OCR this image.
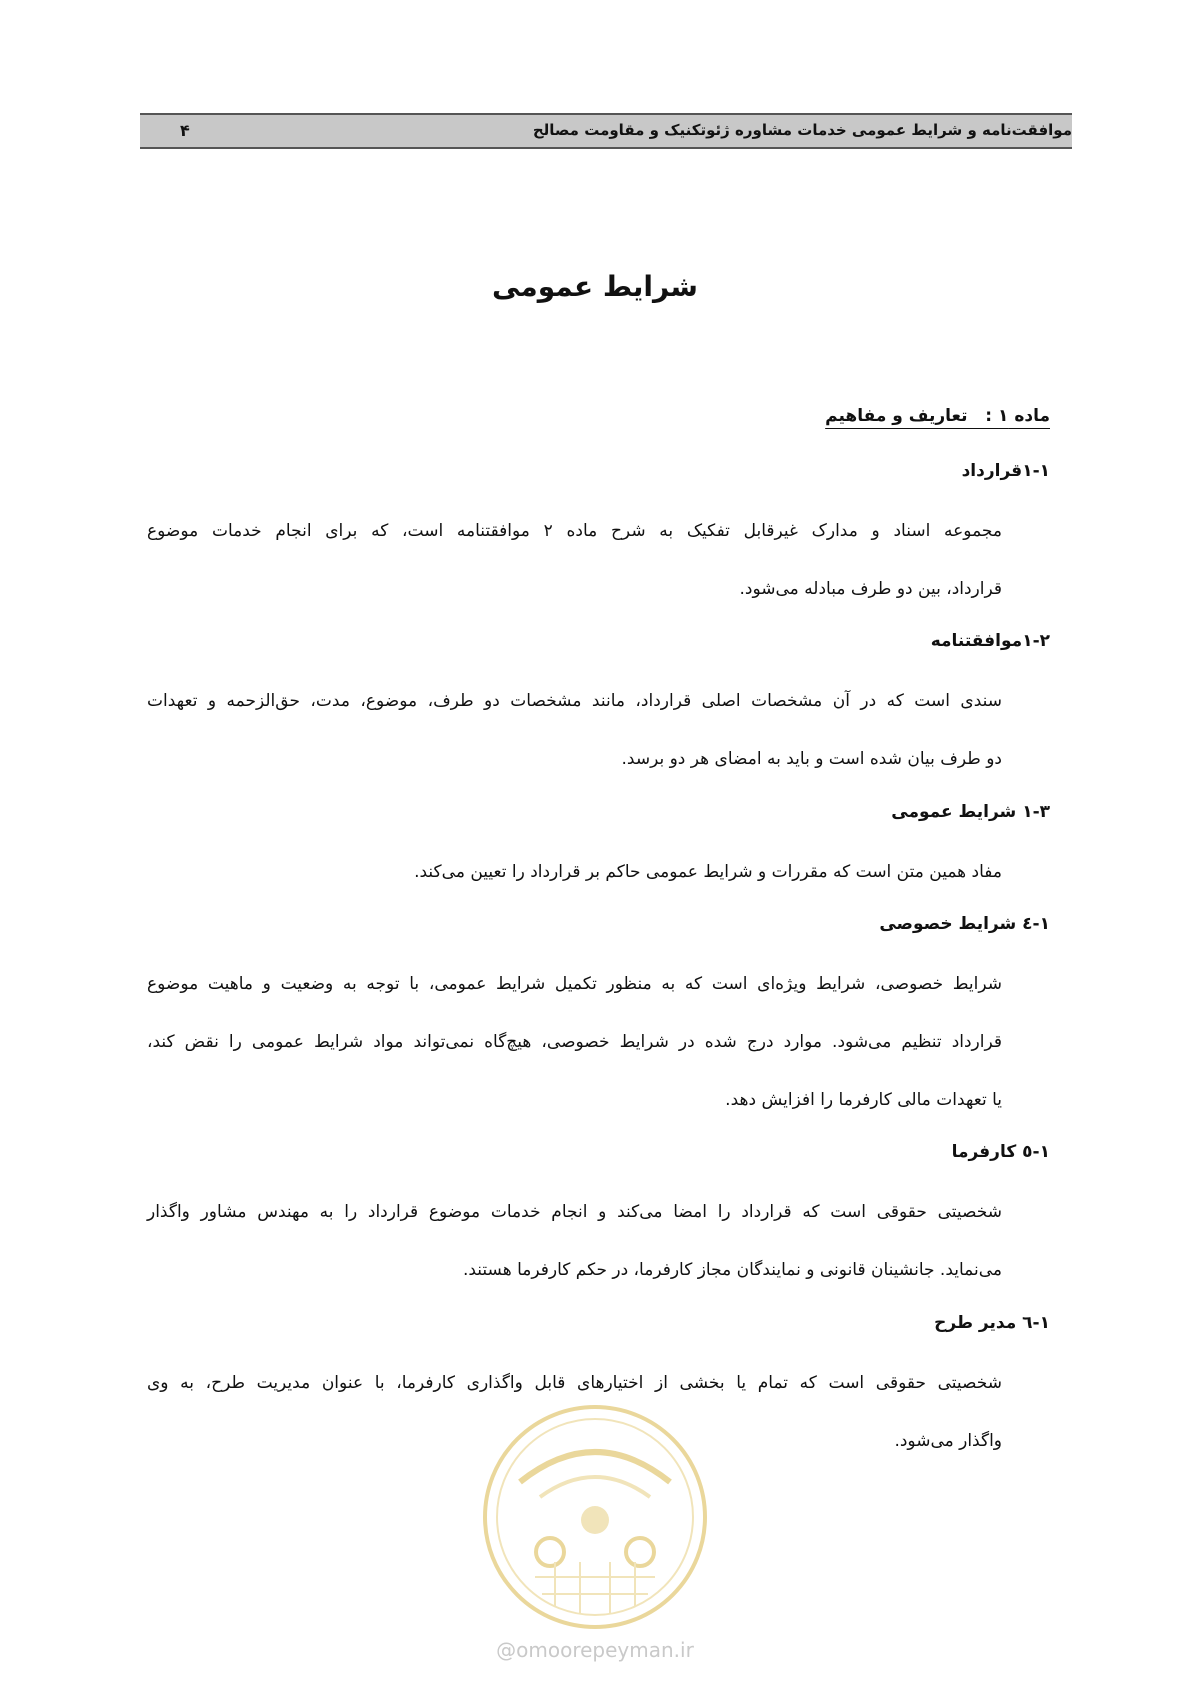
موافقت‌نامه و شرایط عمومی خدمات مشاوره ژئوتکنیک و مقاومت مصالح
۴
شرایط عمومی
ماده ۱ :   تعاریف و مفاهیم
۱-۱قرارداد
مجموعه اسناد و مدارک غیرقابل تفکیک به شرح ماده ۲ موافقتنامه است، که برای انجام خدمات موضوع
قرارداد، بین دو طرف مبادله می‌شود.
۱-۲موافقتنامه
سندی است که در آن مشخصات اصلی قرارداد، مانند مشخصات دو طرف، موضوع، مدت، حق‌الزحمه و تعهدات
دو طرف بیان شده است و باید به امضای هر دو برسد.
۱-۳ شرایط عمومی
مفاد همین متن است که مقررات و شرایط عمومی حاکم بر قرارداد را تعیین می‌کند.
۱-٤ شرایط خصوصی
شرایط خصوصی، شرایط ویژه‌ای است که به منظور تکمیل شرایط عمومی، با توجه به وضعیت و ماهیت موضوع
قرارداد تنظیم می‌شود. موارد درج شده در شرایط خصوصی، هیچ‌گاه نمی‌تواند مواد شرایط عمومی را نقض کند،
یا تعهدات مالی کارفرما را افزایش دهد.
۱-٥ کارفرما
شخصیتی حقوقی است که قرارداد را امضا می‌کند و انجام خدمات موضوع قرارداد را به مهندس مشاور واگذار
می‌نماید. جانشینان قانونی و نمایندگان مجاز کارفرما، در حکم کارفرما هستند.
۱-٦ مدیر طرح
شخصیتی حقوقی است که تمام یا بخشی از اختیارهای قابل واگذاری کارفرما، با عنوان مدیریت طرح، به وی
واگذار می‌شود.
@omoorepeyman.ir
